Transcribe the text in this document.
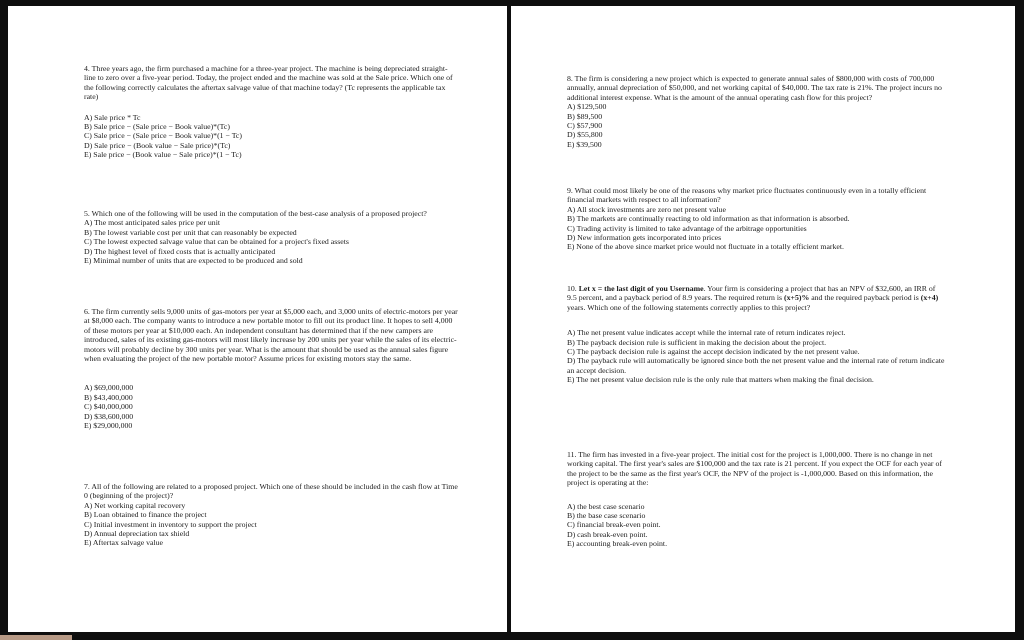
4. Three years ago, the firm purchased a machine for a three-year project. The machine is being depreciated straight-line to zero over a five-year period. Today, the project ended and the machine was sold at the Sale price. Which one of the following correctly calculates the aftertax salvage value of that machine today? (Tc represents the applicable tax rate)

A) Sale price * Tc
B) Sale price − (Sale price − Book value)*(Tc)
C) Sale price − (Sale price − Book value)*(1 − Tc)
D) Sale price − (Book value − Sale price)*(Tc)
E) Sale price − (Book value − Sale price)*(1 − Tc)

5. Which one of the following will be used in the computation of the best-case analysis of a proposed project?

A) The most anticipated sales price per unit
B) The lowest variable cost per unit that can reasonably be expected
C) The lowest expected salvage value that can be obtained for a project's fixed assets
D) The highest level of fixed costs that is actually anticipated
E) Minimal number of units that are expected to be produced and sold

6. The firm currently sells 9,000 units of gas-motors per year at $5,000 each, and 3,000 units of electric-motors per year at $8,000 each. The company wants to introduce a new portable motor to fill out its product line. It hopes to sell 4,000 of these motors per year at $10,000 each. An independent consultant has determined that if the new campers are introduced, sales of its existing gas-motors will most likely increase by 200 units per year while the sales of its electric-motors will probably decline by 300 units per year. What is the amount that should be used as the annual sales figure when evaluating the project of the new portable motor? Assume prices for existing motors stay the same.

A) $69,000,000
B) $43,400,000
C) $40,000,000
D) $38,600,000
E) $29,000,000

7. All of the following are related to a proposed project. Which one of these should be included in the cash flow at Time 0 (beginning of the project)?

A) Net working capital recovery
B) Loan obtained to finance the project
C) Initial investment in inventory to support the project
D) Annual depreciation tax shield
E) Aftertax salvage value

8. The firm is considering a new project which is expected to generate annual sales of $800,000 with costs of 700,000 annually, annual depreciation of $50,000, and net working capital of $40,000. The tax rate is 21%. The project incurs no additional interest expense. What is the amount of the annual operating cash flow for this project?

A) $129,500
B) $89,500
C) $57,900
D) $55,800
E) $39,500

9. What could most likely be one of the reasons why market price fluctuates continuously even in a totally efficient financial markets with respect to all information?

A) All stock investments are zero net present value
B) The markets are continually reacting to old information as that information is absorbed.
C) Trading activity is limited to take advantage of the arbitrage opportunities
D) New information gets incorporated into prices
E) None of the above since market price would not fluctuate in a totally efficient market.

10. Let x = the last digit of you Username. Your firm is considering a project that has an NPV of $32,600, an IRR of 9.5 percent, and a payback period of 8.9 years. The required return is (x+5)% and the required payback period is (x+4) years. Which one of the following statements correctly applies to this project?

A) The net present value indicates accept while the internal rate of return indicates reject.
B) The payback decision rule is sufficient in making the decision about the project.
C) The payback decision rule is against the accept decision indicated by the net present value.

D) The payback rule will automatically be ignored since both the net present value and the internal rate of return indicate an accept decision.

E) The net present value decision rule is the only rule that matters when making the final decision.

11. The firm has invested in a five-year project. The initial cost for the project is 1,000,000. There is no change in net working capital. The first year's sales are $100,000 and the tax rate is 21 percent. If you expect the OCF for each year of the project to be the same as the first year's OCF, the NPV of the project is -1,000,000. Based on this information, the project is operating at the:

A) the best case scenario
B) the base case scenario
C) financial break-even point.
D) cash break-even point.
E) accounting break-even point.
